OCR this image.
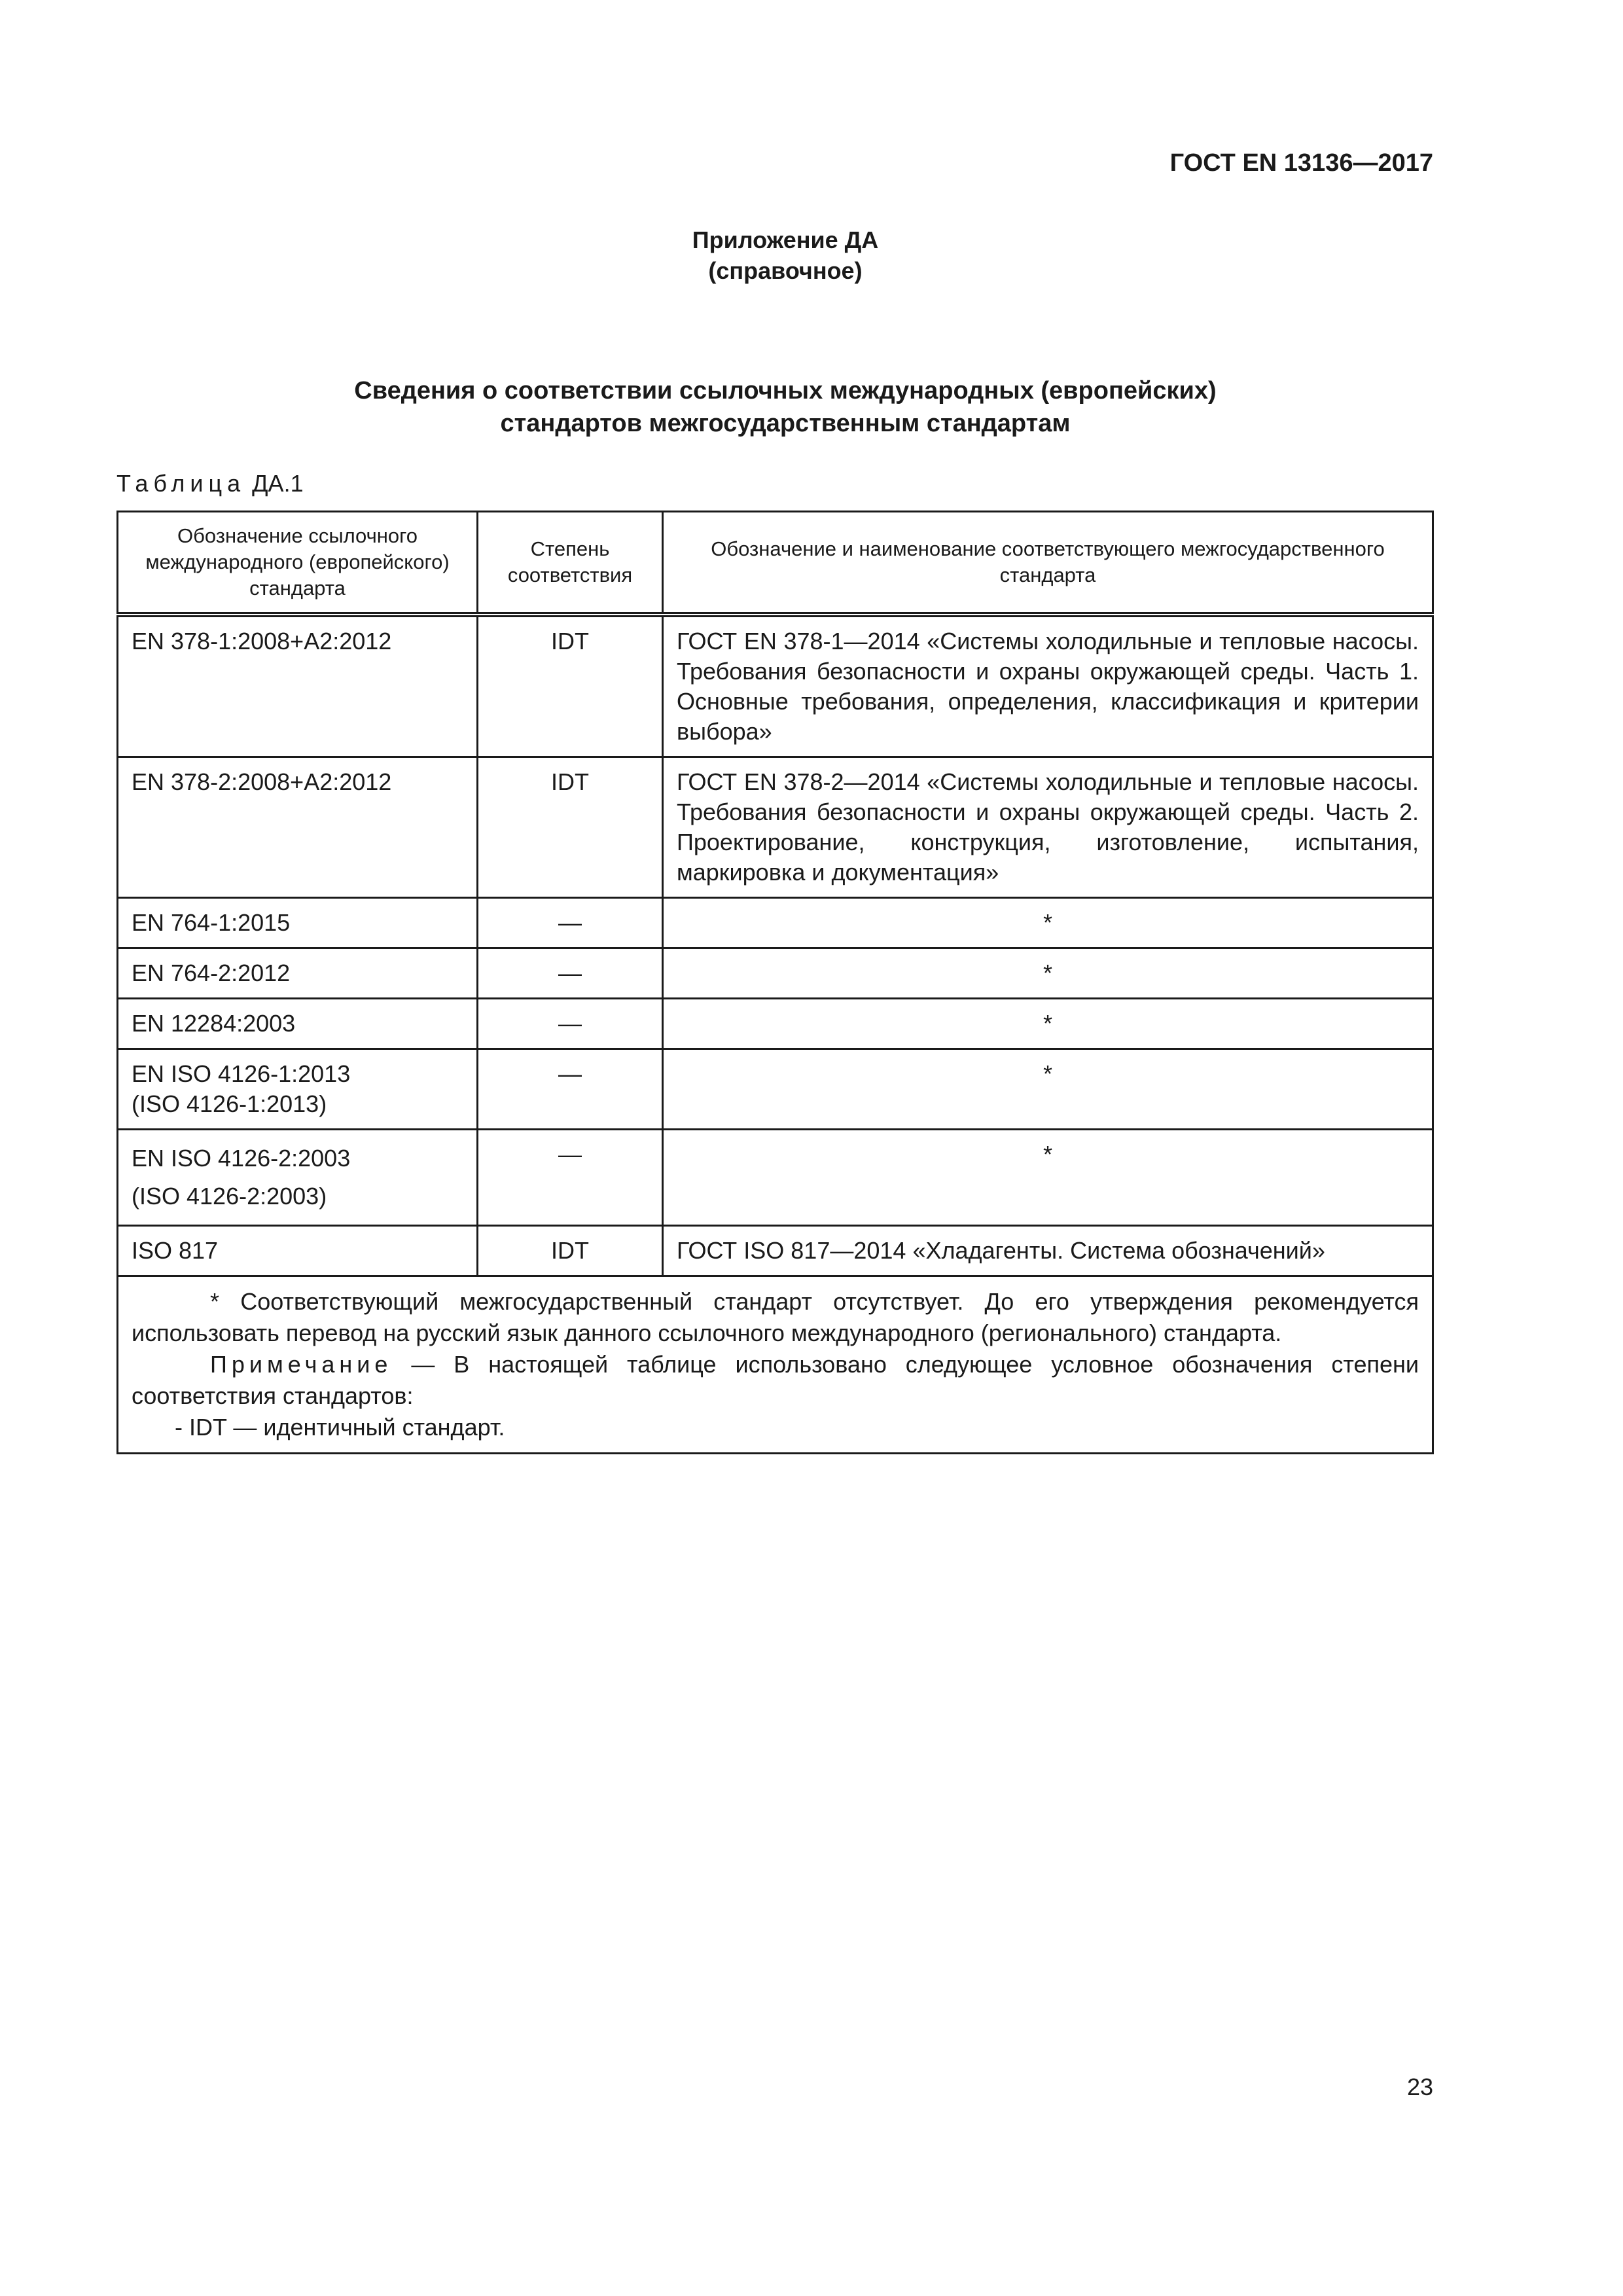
ГОСТ EN 13136—2017
Приложение ДА
(справочное)
Сведения о соответствии ссылочных международных (европейских)
стандартов межгосударственным стандартам
Таблица ДА.1
Обозначение ссылочного международного (европейского) стандарта	Степень соответствия	Обозначение и наименование соответствующего межгосударственного стандарта

EN 378-1:2008+A2:2012	IDT	ГОСТ EN 378-1—2014 «Системы холодильные и тепловые насосы. Требования безопасности и охраны окружающей среды. Часть 1. Основные требования, определения, классификация и критерии выбора»

EN 378-2:2008+A2:2012	IDT	ГОСТ EN 378-2—2014 «Системы холодильные и тепловые насосы. Требования безопасности и охраны окружающей среды. Часть 2. Проектирование, конструкция, изготовление, испытания, маркировка и документация»

EN 764-1:2015	—	*

EN 764-2:2012	—	*

EN 12284:2003	—	*

EN ISO 4126-1:2013
(ISO 4126-1:2013)	—	*

EN ISO 4126-2:2003
(ISO 4126-2:2003)	—	*

ISO 817	IDT	ГОСТ ISO 817—2014 «Хладагенты. Система обозначений»

* Соответствующий межгосударственный стандарт отсутствует. До его утверждения рекомендуется использовать перевод на русский язык данного ссылочного международного (регионального) стандарта.
Примечание — В настоящей таблице использовано следующее условное обозначения степени соответствия стандартов:
- IDT — идентичный стандарт.		
23
